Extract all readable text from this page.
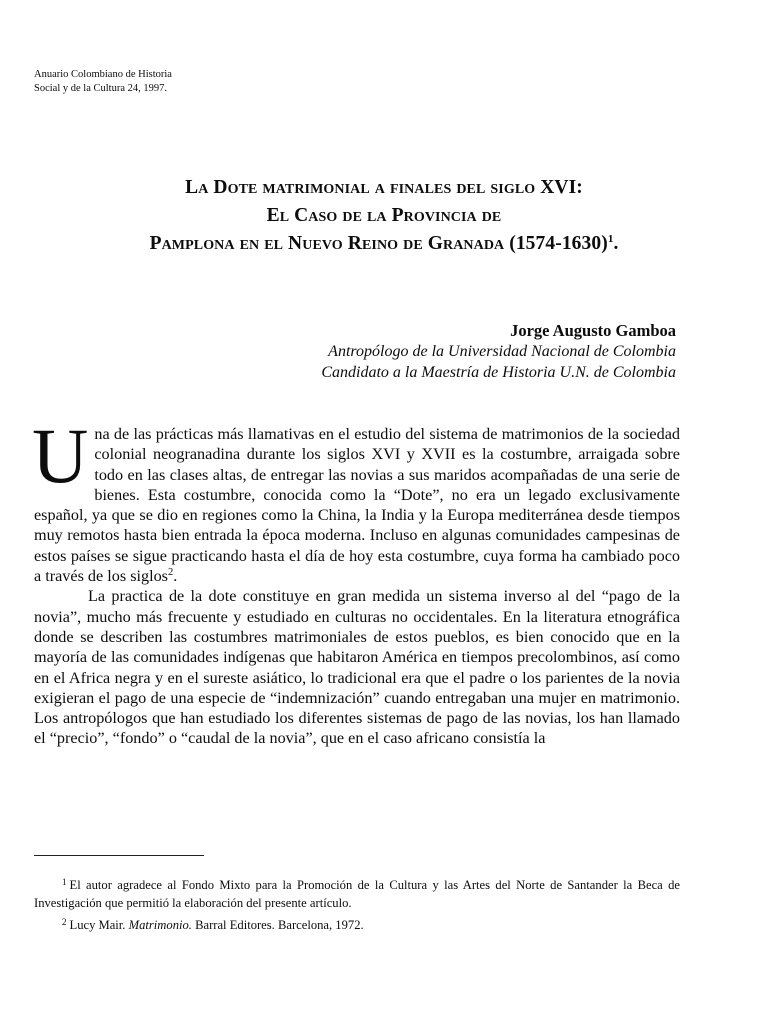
Anuario Colombiano de Historia
Social y de la Cultura 24, 1997.
La Dote matrimonial a finales del siglo XVI:
El Caso de la Provincia de
Pamplona en el Nuevo Reino de Granada (1574-1630)$^1$.
Jorge Augusto Gamboa
Antropólogo de la Universidad Nacional de Colombia
Candidato a la Maestría de Historia U.N. de Colombia

Una de las prácticas más llamativas en el estudio del sistema de matrimonios de la sociedad colonial neogranadina durante los siglos XVI y XVII es la costumbre, arraigada sobre todo en las clases altas, de entregar las novias a sus maridos acompañadas de una serie de bienes. Esta costumbre, conocida como la “Dote”, no era un legado exclusivamente español, ya que se dio en regiones como la China, la India y la Europa mediterránea desde tiempos muy remotos hasta bien entrada la época moderna. Incluso en algunas comunidades campesinas de estos países se sigue practicando hasta el día de hoy esta costumbre, cuya forma ha cambiado poco a través de los siglos$^2$.

La practica de la dote constituye en gran medida un sistema inverso al del “pago de la novia”, mucho más frecuente y estudiado en culturas no occidentales. En la literatura etnográfica donde se describen las costumbres matrimoniales de estos pueblos, es bien conocido que en la mayoría de las comunidades indígenas que habitaron América en tiempos precolombinos, así como en el Africa negra y en el sureste asiático, lo tradicional era que el padre o los parientes de la novia exigieran el pago de una especie de “indemnización” cuando entregaban una mujer en matrimonio. Los antropólogos que han estudiado los diferentes sistemas de pago de las novias, los han llamado el “precio”, “fondo” o “caudal de la novia”, que en el caso africano consistía la

$^1$ El autor agradece al Fondo Mixto para la Promoción de la Cultura y las Artes del Norte de Santander la Beca de Investigación que permitió la elaboración del presente artículo.

$^2$ Lucy Mair. Matrimonio. Barral Editores. Barcelona, 1972.
